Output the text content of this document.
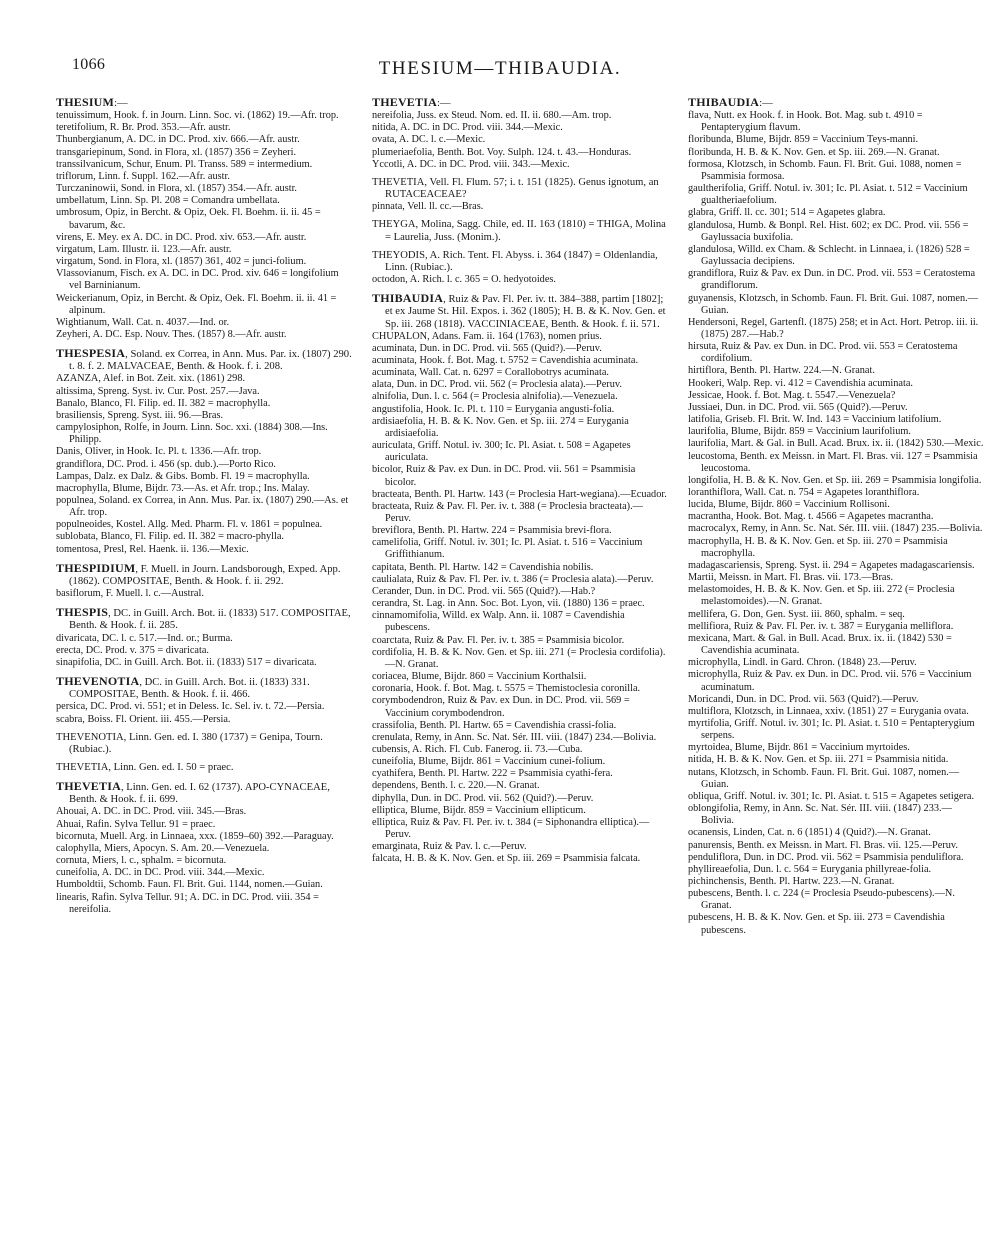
1066	THESIUM—THIBAUDIA.
THESIUM:—
tenuissimum, Hook. f. in Journ. Linn. Soc. vi. (1862) 19.—Afr. trop.
teretifolium, R. Br. Prod. 353.—Afr. austr.
Thunbergianum, A. DC. in DC. Prod. xiv. 666.—Afr. austr.
transgariepinum, Sond. in Flora, xl. (1857) 356 = Zeyheri.
transsilvanicum, Schur, Enum. Pl. Transs. 589 = intermedium.
triflorum, Linn. f. Suppl. 162.—Afr. austr.
Turczaninowii, Sond. in Flora, xl. (1857) 354.—Afr. austr.
umbellatum, Linn. Sp. Pl. 208 = Comandra umbellata.
umbrosum, Opiz, in Bercht. & Opiz, Oek. Fl. Boehm. ii. ii. 45 = bavarum, &c.
virens, E. Mey. ex A. DC. in DC. Prod. xiv. 653.—Afr. austr.
virgatum, Lam. Illustr. ii. 123.—Afr. austr.
virgatum, Sond. in Flora, xl. (1857) 361, 402 = junci-folium.
Vlassovianum, Fisch. ex A. DC. in DC. Prod. xiv. 646 = longifolium vel Barninianum.
Weickerianum, Opiz, in Bercht. & Opiz, Oek. Fl. Boehm. ii. ii. 41 = alpinum.
Wightianum, Wall. Cat. n. 4037.—Ind. or.
Zeyheri, A. DC. Esp. Nouv. Thes. (1857) 8.—Afr. austr.
THESPESIA, Soland. ex Correa, in Ann. Mus. Par. ix. (1807) 290. t. 8. f. 2. MALVACEAE, Benth. & Hook. f. i. 208.
AZANZA, Alef. in Bot. Zeit. xix. (1861) 298.
altissima, Spreng. Syst. iv. Cur. Post. 257.—Java.
Banalo, Blanco, Fl. Filip. ed. II. 382 = macrophylla.
brasiliensis, Spreng. Syst. iii. 96.—Bras.
campylosiphon, Rolfe, in Journ. Linn. Soc. xxi. (1884) 308.—Ins. Philipp.
Danis, Oliver, in Hook. Ic. Pl. t. 1336.—Afr. trop.
grandiflora, DC. Prod. i. 456 (sp. dub.).—Porto Rico.
Lampas, Dalz. ex Dalz. & Gibs. Bomb. Fl. 19 = macrophylla.
macrophylla, Blume, Bijdr. 73.—As. et Afr. trop.; Ins. Malay.
populnea, Soland. ex Correa, in Ann. Mus. Par. ix. (1807) 290.—As. et Afr. trop.
populneoides, Kostel. Allg. Med. Pharm. Fl. v. 1861 = populnea.
sublobata, Blanco, Fl. Filip. ed. II. 382 = macro-phylla.
tomentosa, Presl, Rel. Haenk. ii. 136.—Mexic.
THESPIDIUM, F. Muell. in Journ. Landsborough, Exped. App. (1862). COMPOSITAE, Benth. & Hook. f. ii. 292.
basiflorum, F. Muell. l. c.—Austral.
THESPIS, DC. in Guill. Arch. Bot. ii. (1833) 517. COMPOSITAE, Benth. & Hook. f. ii. 285.
divaricata, DC. l. c. 517.—Ind. or.; Burma.
erecta, DC. Prod. v. 375 = divaricata.
sinapifolia, DC. in Guill. Arch. Bot. ii. (1833) 517 = divaricata.
THEVENOTIA, DC. in Guill. Arch. Bot. ii. (1833) 331. COMPOSITAE, Benth. & Hook. f. ii. 466.
persica, DC. Prod. vi. 551; et in Deless. Ic. Sel. iv. t. 72.—Persia.
scabra, Boiss. Fl. Orient. iii. 455.—Persia.
THEVENOTIA, Linn. Gen. ed. I. 380 (1737) = Genipa, Tourn. (Rubiac.).
THEVETIA, Linn. Gen. ed. I. 50 = praec.
THEVETIA, Linn. Gen. ed. I. 62 (1737). APO-CYNACEAE, Benth. & Hook. f. ii. 699.
Ahouai, A. DC. in DC. Prod. viii. 345.—Bras.
Ahuai, Rafin. Sylva Tellur. 91 = praec.
bicornuta, Muell. Arg. in Linnaea, xxx. (1859–60) 392.—Paraguay.
calophylla, Miers, Apocyn. S. Am. 20.—Venezuela.
cornuta, Miers, l. c., sphalm. = bicornuta.
cuneifolia, A. DC. in DC. Prod. viii. 344.—Mexic.
Humboldtii, Schomb. Faun. Fl. Brit. Gui. 1144, nomen.—Guian.
linearis, Rafin. Sylva Tellur. 91; A. DC. in DC. Prod. viii. 354 = nereifolia.
THEVETIA:—
nereifolia, Juss. ex Steud. Nom. ed. II. ii. 680.—Am. trop.
nitida, A. DC. in DC. Prod. viii. 344.—Mexic.
ovata, A. DC. l. c.—Mexic.
plumeriaefolia, Benth. Bot. Voy. Sulph. 124. t. 43.—Honduras.
Yccotli, A. DC. in DC. Prod. viii. 343.—Mexic.
THEVETIA, Vell. Fl. Flum. 57; i. t. 151 (1825). Genus ignotum, an RUTACEACEAE?
pinnata, Vell. ll. cc.—Bras.
THEYGA, Molina, Sagg. Chile, ed. II. 163 (1810) = THIGA, Molina = Laurelia, Juss. (Monim.).
THEYODIS, A. Rich. Tent. Fl. Abyss. i. 364 (1847) = Oldenlandia, Linn. (Rubiac.).
octodon, A. Rich. l. c. 365 = O. hedyotoides.
THIBAUDIA, Ruiz & Pav. Fl. Per. iv. tt. 384–388, partim [1802]; et ex Jaume St. Hil. Expos. i. 362 (1805); H. B. & K. Nov. Gen. et Sp. iii. 268 (1818). VACCINIACEAE, Benth. & Hook. f. ii. 571.
CHUPALON, Adans. Fam. ii. 164 (1763), nomen prius.
acuminata, Dun. in DC. Prod. vii. 565 (Quid?).—Peruv.
acuminata, Hook. f. Bot. Mag. t. 5752 = Cavendishia acuminata.
acuminata, Wall. Cat. n. 6297 = Corallobotrys acuminata.
alata, Dun. in DC. Prod. vii. 562 (= Proclesia alata).—Peruv.
alnifolia, Dun. l. c. 564 (= Proclesia alnifolia).—Venezuela.
angustifolia, Hook. Ic. Pl. t. 110 = Eurygania angusti-folia.
ardisiaefolia, H. B. & K. Nov. Gen. et Sp. iii. 274 = Eurygania ardisiaefolia.
auriculata, Griff. Notul. iv. 300; Ic. Pl. Asiat. t. 508 = Agapetes auriculata.
bicolor, Ruiz & Pav. ex Dun. in DC. Prod. vii. 561 = Psammisia bicolor.
bracteata, Benth. Pl. Hartw. 143 (= Proclesia Hart-wegiana).—Ecuador.
bracteata, Ruiz & Pav. Fl. Per. iv. t. 388 (= Proclesia bracteata).—Peruv.
breviflora, Benth. Pl. Hartw. 224 = Psammisia brevi-flora.
camelifolia, Griff. Notul. iv. 301; Ic. Pl. Asiat. t. 516 = Vaccinium Griffithianum.
capitata, Benth. Pl. Hartw. 142 = Cavendishia nobilis.
caulialata, Ruiz & Pav. Fl. Per. iv. t. 386 (= Proclesia alata).—Peruv.
Cerander, Dun. in DC. Prod. vii. 565 (Quid?).—Hab.?
cerandra, St. Lag. in Ann. Soc. Bot. Lyon, vii. (1880) 136 = praec.
cinnamomifolia, Willd. ex Walp. Ann. ii. 1087 = Cavendishia pubescens.
coarctata, Ruiz & Pav. Fl. Per. iv. t. 385 = Psammisia bicolor.
cordifolia, H. B. & K. Nov. Gen. et Sp. iii. 271 (= Proclesia cordifolia).—N. Granat.
coriacea, Blume, Bijdr. 860 = Vaccinium Korthalsii.
coronaria, Hook. f. Bot. Mag. t. 5575 = Themistoclesia coronilla.
corymbodendron, Ruiz & Pav. ex Dun. in DC. Prod. vii. 569 = Vaccinium corymbodendron.
crassifolia, Benth. Pl. Hartw. 65 = Cavendishia crassi-folia.
crenulata, Remy, in Ann. Sc. Nat. Sér. III. viii. (1847) 234.—Bolivia.
cubensis, A. Rich. Fl. Cub. Fanerog. ii. 73.—Cuba.
cuneifolia, Blume, Bijdr. 861 = Vaccinium cunei-folium.
cyathifera, Benth. Pl. Hartw. 222 = Psammisia cyathi-fera.
dependens, Benth. l. c. 220.—N. Granat.
diphylla, Dun. in DC. Prod. vii. 562 (Quid?).—Peruv.
elliptica, Blume, Bijdr. 859 = Vaccinium ellipticum.
elliptica, Ruiz & Pav. Fl. Per. iv. t. 384 (= Siphonandra elliptica).—Peruv.
emarginata, Ruiz & Pav. l. c.—Peruv.
falcata, H. B. & K. Nov. Gen. et Sp. iii. 269 = Psammisia falcata.
THIBAUDIA:—
flava, Nutt. ex Hook. f. in Hook. Bot. Mag. sub t. 4910 = Pentapterygium flavum.
floribunda, Blume, Bijdr. 859 = Vaccinium Teys-manni.
floribunda, H. B. & K. Nov. Gen. et Sp. iii. 269.—N. Granat.
formosa, Klotzsch, in Schomb. Faun. Fl. Brit. Gui. 1088, nomen = Psammisia formosa.
gaultherifolia, Griff. Notul. iv. 301; Ic. Pl. Asiat. t. 512 = Vaccinium gualtheriaefolium.
glabra, Griff. ll. cc. 301; 514 = Agapetes glabra.
glandulosa, Humb. & Bonpl. Rel. Hist. 602; ex DC. Prod. vii. 556 = Gaylussacia buxifolia.
glandulosa, Willd. ex Cham. & Schlecht. in Linnaea, i. (1826) 528 = Gaylussacia decipiens.
grandiflora, Ruiz & Pav. ex Dun. in DC. Prod. vii. 553 = Ceratostema grandiflorum.
guyanensis, Klotzsch, in Schomb. Faun. Fl. Brit. Gui. 1087, nomen.—Guian.
Hendersoni, Regel, Gartenfl. (1875) 258; et in Act. Hort. Petrop. iii. ii. (1875) 287.—Hab.?
hirsuta, Ruiz & Pav. ex Dun. in DC. Prod. vii. 553 = Ceratostema cordifolium.
hirtiflora, Benth. Pl. Hartw. 224.—N. Granat.
Hookeri, Walp. Rep. vi. 412 = Cavendishia acuminata.
Jessicae, Hook. f. Bot. Mag. t. 5547.—Venezuela?
Jussiaei, Dun. in DC. Prod. vii. 565 (Quid?).—Peruv.
latifolia, Griseb. Fl. Brit. W. Ind. 143 = Vaccinium latifolium.
laurifolia, Blume, Bijdr. 859 = Vaccinium laurifolium.
laurifolia, Mart. & Gal. in Bull. Acad. Brux. ix. ii. (1842) 530.—Mexic.
leucostoma, Benth. ex Meissn. in Mart. Fl. Bras. vii. 127 = Psammisia leucostoma.
longifolia, H. B. & K. Nov. Gen. et Sp. iii. 269 = Psammisia longifolia.
loranthiflora, Wall. Cat. n. 754 = Agapetes loranthiflora.
lucida, Blume, Bijdr. 860 = Vaccinium Rollisoni.
macrantha, Hook. Bot. Mag. t. 4566 = Agapetes macrantha.
macrocalyx, Remy, in Ann. Sc. Nat. Sér. III. viii. (1847) 235.—Bolivia.
macrophylla, H. B. & K. Nov. Gen. et Sp. iii. 270 = Psammisia macrophylla.
madagascariensis, Spreng. Syst. ii. 294 = Agapetes madagascariensis.
Martii, Meissn. in Mart. Fl. Bras. vii. 173.—Bras.
melastomoides, H. B. & K. Nov. Gen. et Sp. iii. 272 (= Proclesia melastomoides).—N. Granat.
mellifera, G. Don, Gen. Syst. iii. 860, sphalm. = seq.
mellifiora, Ruiz & Pav. Fl. Per. iv. t. 387 = Eurygania melliflora.
mexicana, Mart. & Gal. in Bull. Acad. Brux. ix. ii. (1842) 530 = Cavendishia acuminata.
microphylla, Lindl. in Gard. Chron. (1848) 23.—Peruv.
microphylla, Ruiz & Pav. ex Dun. in DC. Prod. vii. 576 = Vaccinium acuminatum.
Moricandi, Dun. in DC. Prod. vii. 563 (Quid?).—Peruv.
multiflora, Klotzsch, in Linnaea, xxiv. (1851) 27 = Eurygania ovata.
myrtifolia, Griff. Notul. iv. 301; Ic. Pl. Asiat. t. 510 = Pentapterygium serpens.
myrtoidea, Blume, Bijdr. 861 = Vaccinium myrtoides.
nitida, H. B. & K. Nov. Gen. et Sp. iii. 271 = Psammisia nitida.
nutans, Klotzsch, in Schomb. Faun. Fl. Brit. Gui. 1087, nomen.—Guian.
obliqua, Griff. Notul. iv. 301; Ic. Pl. Asiat. t. 515 = Agapetes setigera.
oblongifolia, Remy, in Ann. Sc. Nat. Sér. III. viii. (1847) 233.—Bolivia.
ocanensis, Linden, Cat. n. 6 (1851) 4 (Quid?).—N. Granat.
panurensis, Benth. ex Meissn. in Mart. Fl. Bras. vii. 125.—Peruv.
penduliflora, Dun. in DC. Prod. vii. 562 = Psammisia penduliflora.
phyllireaefolia, Dun. l. c. 564 = Eurygania phillyreae-folia.
pichinchensis, Benth. Pl. Hartw. 223.—N. Granat.
pubescens, Benth. l. c. 224 (= Proclesia Pseudo-pubescens).—N. Granat.
pubescens, H. B. & K. Nov. Gen. et Sp. iii. 273 = Cavendishia pubescens.
